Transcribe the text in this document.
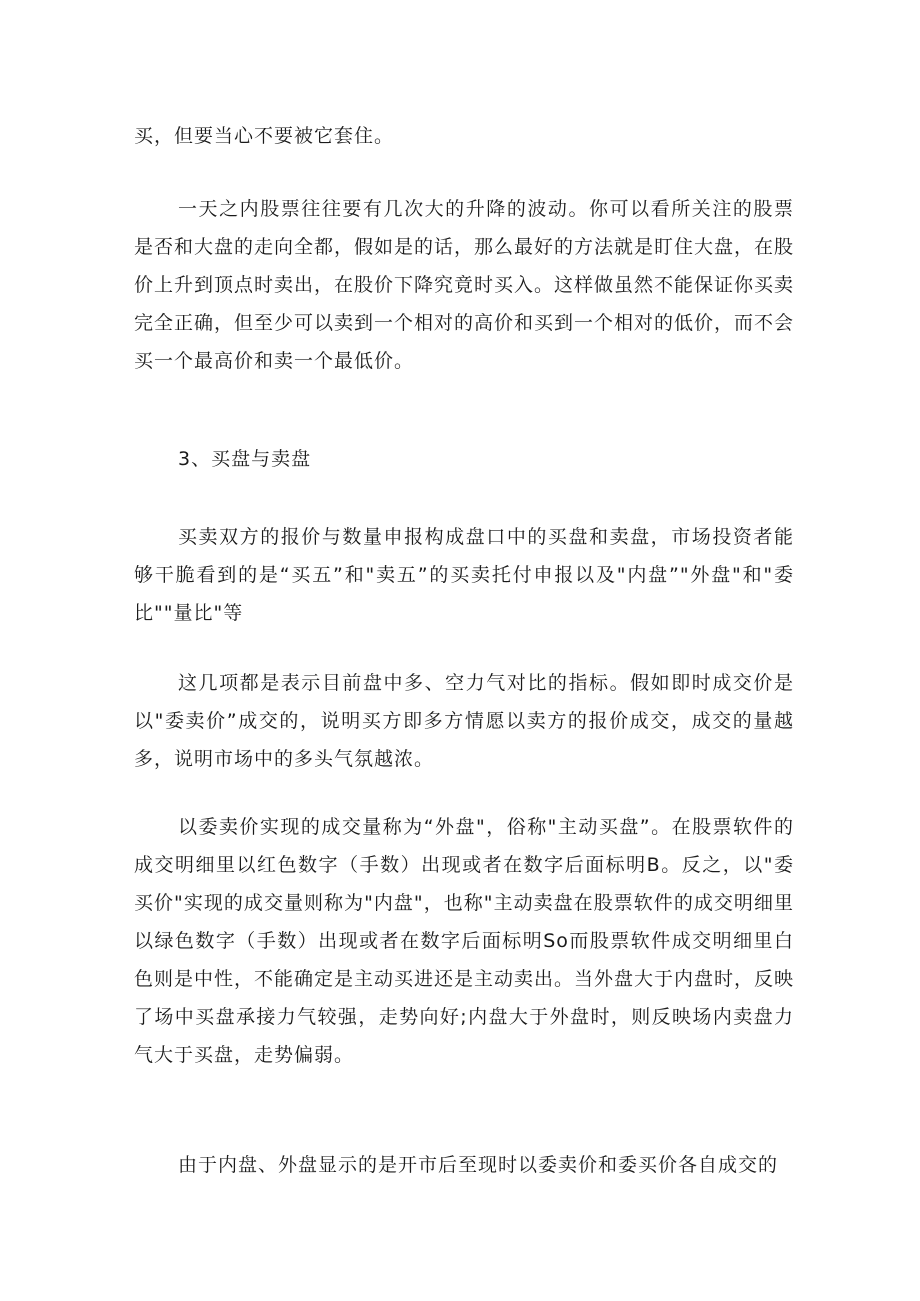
买，但要当心不要被它套住。

一天之内股票往往要有几次大的升降的波动。你可以看所关注的股票是否和大盘的走向全都，假如是的话，那么最好的方法就是盯住大盘，在股价上升到顶点时卖出，在股价下降究竟时买入。这样做虽然不能保证你买卖完全正确，但至少可以卖到一个相对的高价和买到一个相对的低价，而不会买一个最高价和卖一个最低价。

3、买盘与卖盘

买卖双方的报价与数量申报构成盘口中的买盘和卖盘，市场投资者能够干脆看到的是“买五”和"卖五”的买卖托付申报以及"内盘”"外盘"和"委比""量比"等

这几项都是表示目前盘中多、空力气对比的指标。假如即时成交价是以"委卖价”成交的，说明买方即多方情愿以卖方的报价成交，成交的量越多，说明市场中的多头气氛越浓。

以委卖价实现的成交量称为“外盘"，俗称"主动买盘”。在股票软件的成交明细里以红色数字（手数）出现或者在数字后面标明B。反之，以"委买价"实现的成交量则称为"内盘"，也称"主动卖盘在股票软件的成交明细里以绿色数字（手数）出现或者在数字后面标明So而股票软件成交明细里白色则是中性，不能确定是主动买进还是主动卖出。当外盘大于内盘时，反映了场中买盘承接力气较强，走势向好;内盘大于外盘时，则反映场内卖盘力气大于买盘，走势偏弱。

由于内盘、外盘显示的是开市后至现时以委卖价和委买价各自成交的
